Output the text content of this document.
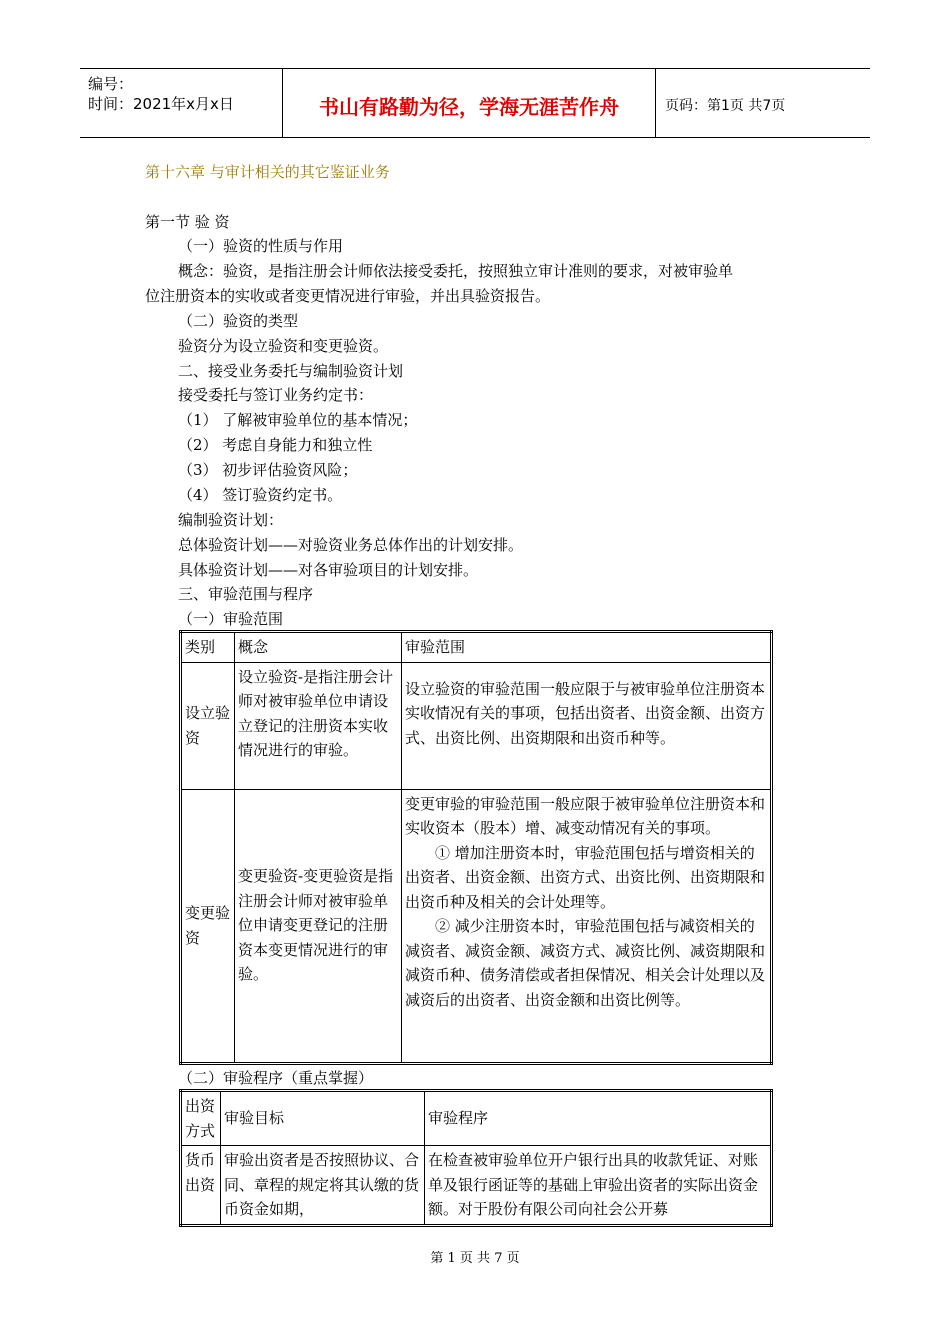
编号：
时间：2021年x月x日	书山有路勤为径，学海无涯苦作舟	页码：第1页 共7页
第十六章 与审计相关的其它鉴证业务
第一节 验 资
（一）验资的性质与作用
概念：验资，是指注册会计师依法接受委托，按照独立审计准则的要求，对被审验单
位注册资本的实收或者变更情况进行审验，并出具验资报告。
（二）验资的类型
验资分为设立验资和变更验资。
二、接受业务委托与编制验资计划
接受委托与签订业务约定书：
（1） 了解被审验单位的基本情况；
（2） 考虑自身能力和独立性
（3） 初步评估验资风险；
（4） 签订验资约定书。
编制验资计划：
总体验资计划——对验资业务总体作出的计划安排。
具体验资计划——对各审验项目的计划安排。
三、审验范围与程序
（一）审验范围
类别	概念	审验范围
设立验资	设立验资-是指注册会计师对被审验单位申请设立登记的注册资本实收情况进行的审验。	设立验资的审验范围一般应限于与被审验单位注册资本实收情况有关的事项，包括出资者、出资金额、出资方式、出资比例、出资期限和出资币种等。

变更验资	变更验资-变更验资是指注册会计师对被审验单位申请变更登记的注册资本变更情况进行的审验。	变更审验的审验范围一般应限于被审验单位注册资本和实收资本（股本）增、减变动情况有关的事项。
① 增加注册资本时，审验范围包括与增资相关的出资者、出资金额、出资方式、出资比例、出资期限和出资币种及相关的会计处理等。
② 减少注册资本时，审验范围包括与减资相关的减资者、减资金额、减资方式、减资比例、减资期限和减资币种、债务清偿或者担保情况、相关会计处理以及减资后的出资者、出资金额和出资比例等。
（二）审验程序（重点掌握）
出资方式	审验目标	审验程序
货币出资	审验出资者是否按照协议、合同、章程的规定将其认缴的货币资金如期，	在检查被审验单位开户银行出具的收款凭证、对账单及银行函证等的基础上审验出资者的实际出资金额。对于股份有限公司向社会公开募
第 1 页 共 7 页
